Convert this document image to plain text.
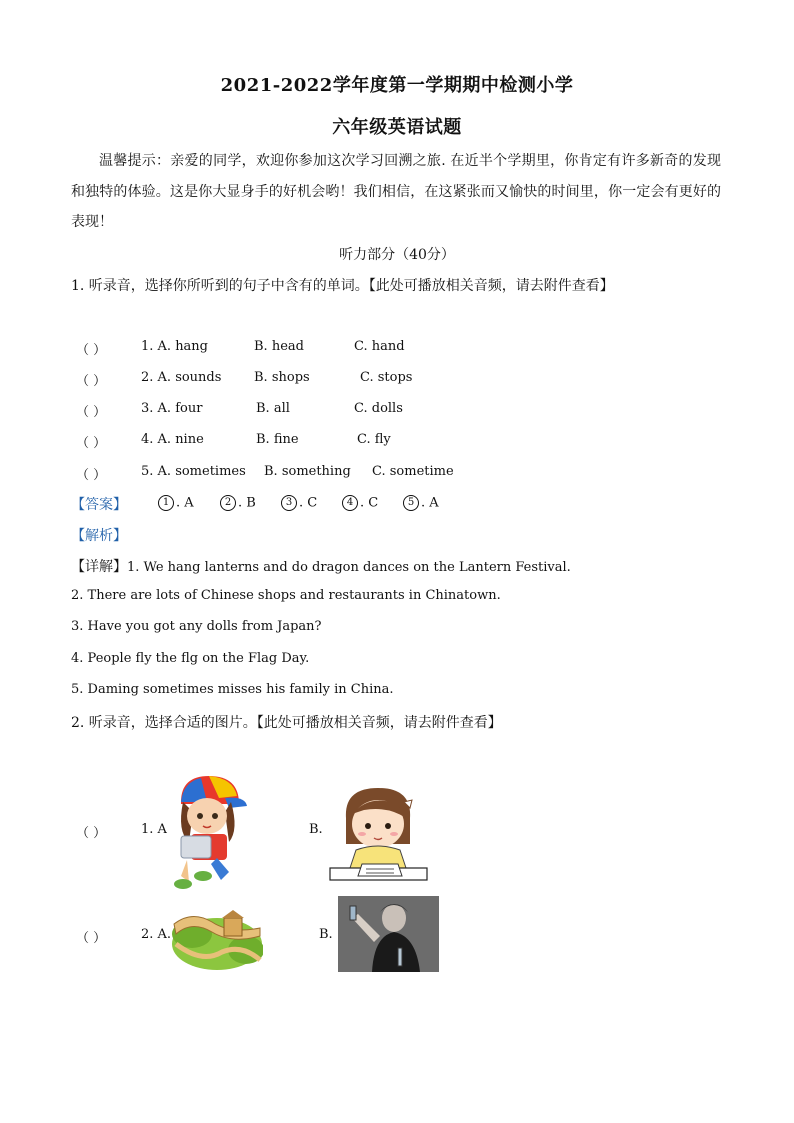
2021-2022学年度第一学期期中检测小学
六年级英语试题
温馨提示：亲爱的同学，欢迎你参加这次学习回溯之旅. 在近半个学期里，你肯定有许多新奇的发现和独特的体验。这是你大显身手的好机会哟！我们相信，在这紧张而又愉快的时间里，你一定会有更好的表现！
听力部分（40分）
1. 听录音，选择你所听到的句子中含有的单词。【此处可播放相关音频，请去附件查看】
（ ）	1. A. hang	B. head	C. hand
（ ）	2. A. sounds	B. shops	C. stops
（ ）	3. A. four	B. all	C. dolls
（ ）	4. A. nine	B. fine	C. fly
（ ）	5. A. sometimes B. something C. sometime
【答案】	1 . A	2 . B	3 . C	4 . C	5 . A
【解析】
【详解】1. We hang lanterns and do dragon dances on the Lantern Festival.
2. There are lots of Chinese shops and restaurants in Chinatown.
3. Have you got any dolls from Japan?
4. People fly the flg on the Flag Day.
5. Daming sometimes misses his family in China.
2. 听录音，选择合适的图片。【此处可播放相关音频，请去附件查看】
（ ）	1. A	B.
（ ）	2. A.	B.
